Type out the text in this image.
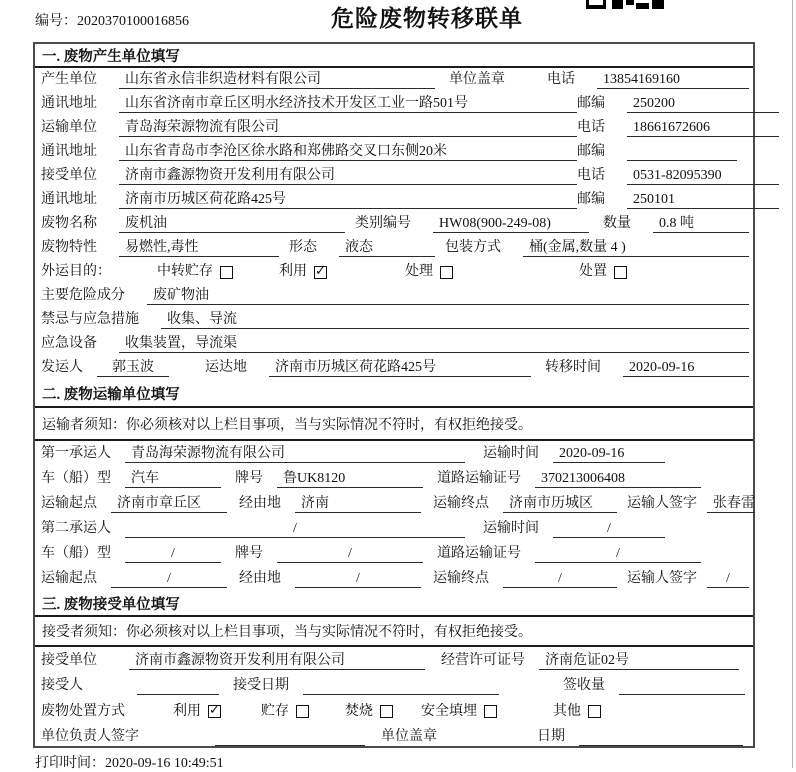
编号：2020370100016856	危险废物转移联单
一. 废物产生单位填写
产生单位	山东省永信非织造材料有限公司	单位盖章	电话	13854169160
通讯地址	山东省济南市章丘区明水经济技术开发区工业一路501号	邮编	250200
运输单位	青岛海荣源物流有限公司	电话	18661672606
通讯地址	山东省青岛市李沧区徐水路和郑佛路交叉口东侧20米	邮编
接受单位	济南市鑫源物资开发利用有限公司	电话	0531-82095390
通讯地址	济南市历城区荷花路425号	邮编	250101
废物名称	废机油	类别编号	HW08(900-249-08)	数量	0.8 吨
废物特性	易燃性,毒性	形态	液态	包装方式	桶(金属,数量 4 )
外运目的：	中转贮存	利用 ✓	处理	处置
主要危险成分	废矿物油
禁忌与应急措施	收集、导流
应急设备	收集装置，导流渠
发运人	郭玉波	运达地	济南市历城区荷花路425号	转移时间	2020-09-16
二. 废物运输单位填写
运输者须知： 你必须核对以上栏目事项，当与实际情况不符时，有权拒绝接受。
第一承运人	青岛海荣源物流有限公司	运输时间	2020-09-16
车（船）型	汽车	牌号	鲁UK8120	道路运输证号	370213006408
运输起点	济南市章丘区	经由地	济南	运输终点	济南市历城区	运输人签字	张春雷
第二承运人	/	运输时间	/
车（船）型	/	牌号	/	道路运输证号	/
运输起点	/	经由地	/	运输终点	/	运输人签字	/
三. 废物接受单位填写
接受者须知： 你必须核对以上栏目事项，当与实际情况不符时，有权拒绝接受。
接受单位	济南市鑫源物资开发利用有限公司	经营许可证号	济南危证02号
接受人	接受日期	签收量
废物处置方式	利用 ✓	贮存	焚烧	安全填埋	其他
单位负责人签字	单位盖章	日期
打印时间：2020-09-16 10:49:51
